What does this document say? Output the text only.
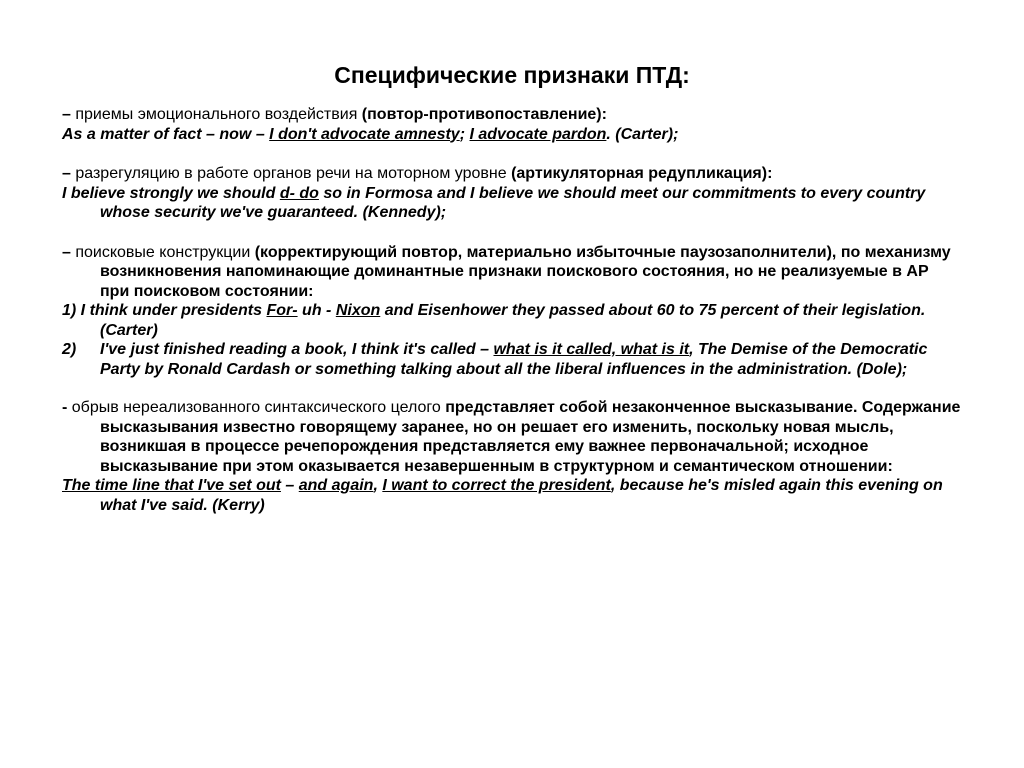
Специфические признаки ПТД:

– приемы эмоционального воздействия (повтор-противопоставление):

As a matter of fact – now – I don't advocate amnesty; I advocate pardon. (Carter);

– разрегуляцию в работе органов речи на моторном уровне (артикуляторная редупликация):

I believe strongly we should d- do so in Formosa and I believe we should meet our commitments to every country whose security we've guaranteed. (Kennedy);

– поисковые конструкции (корректирующий повтор, материально избыточные паузозаполнители), по механизму возникновения напоминающие доминантные признаки поискового состояния, но не реализуемые в АР при поисковом состоянии:

1) I think under presidents For- uh - Nixon and Eisenhower they passed about 60 to 75 percent of their legislation. (Carter)

2)	I've just finished reading a book, I think it's called – what is it called, what is it, The Demise of the Democratic Party by Ronald Cardash or something talking about all the liberal influences in the administration. (Dole);

- обрыв нереализованного синтаксического целого представляет собой незаконченное высказывание. Содержание высказывания известно говорящему заранее, но он решает его изменить, поскольку новая мысль, возникшая в процессе речепорождения представляется ему важнее первоначальной; исходное высказывание при этом оказывается незавершенным в структурном и семантическом отношении:

The time line that I've set out – and again, I want to correct the president, because he's misled again this evening on what I've said. (Kerry)
